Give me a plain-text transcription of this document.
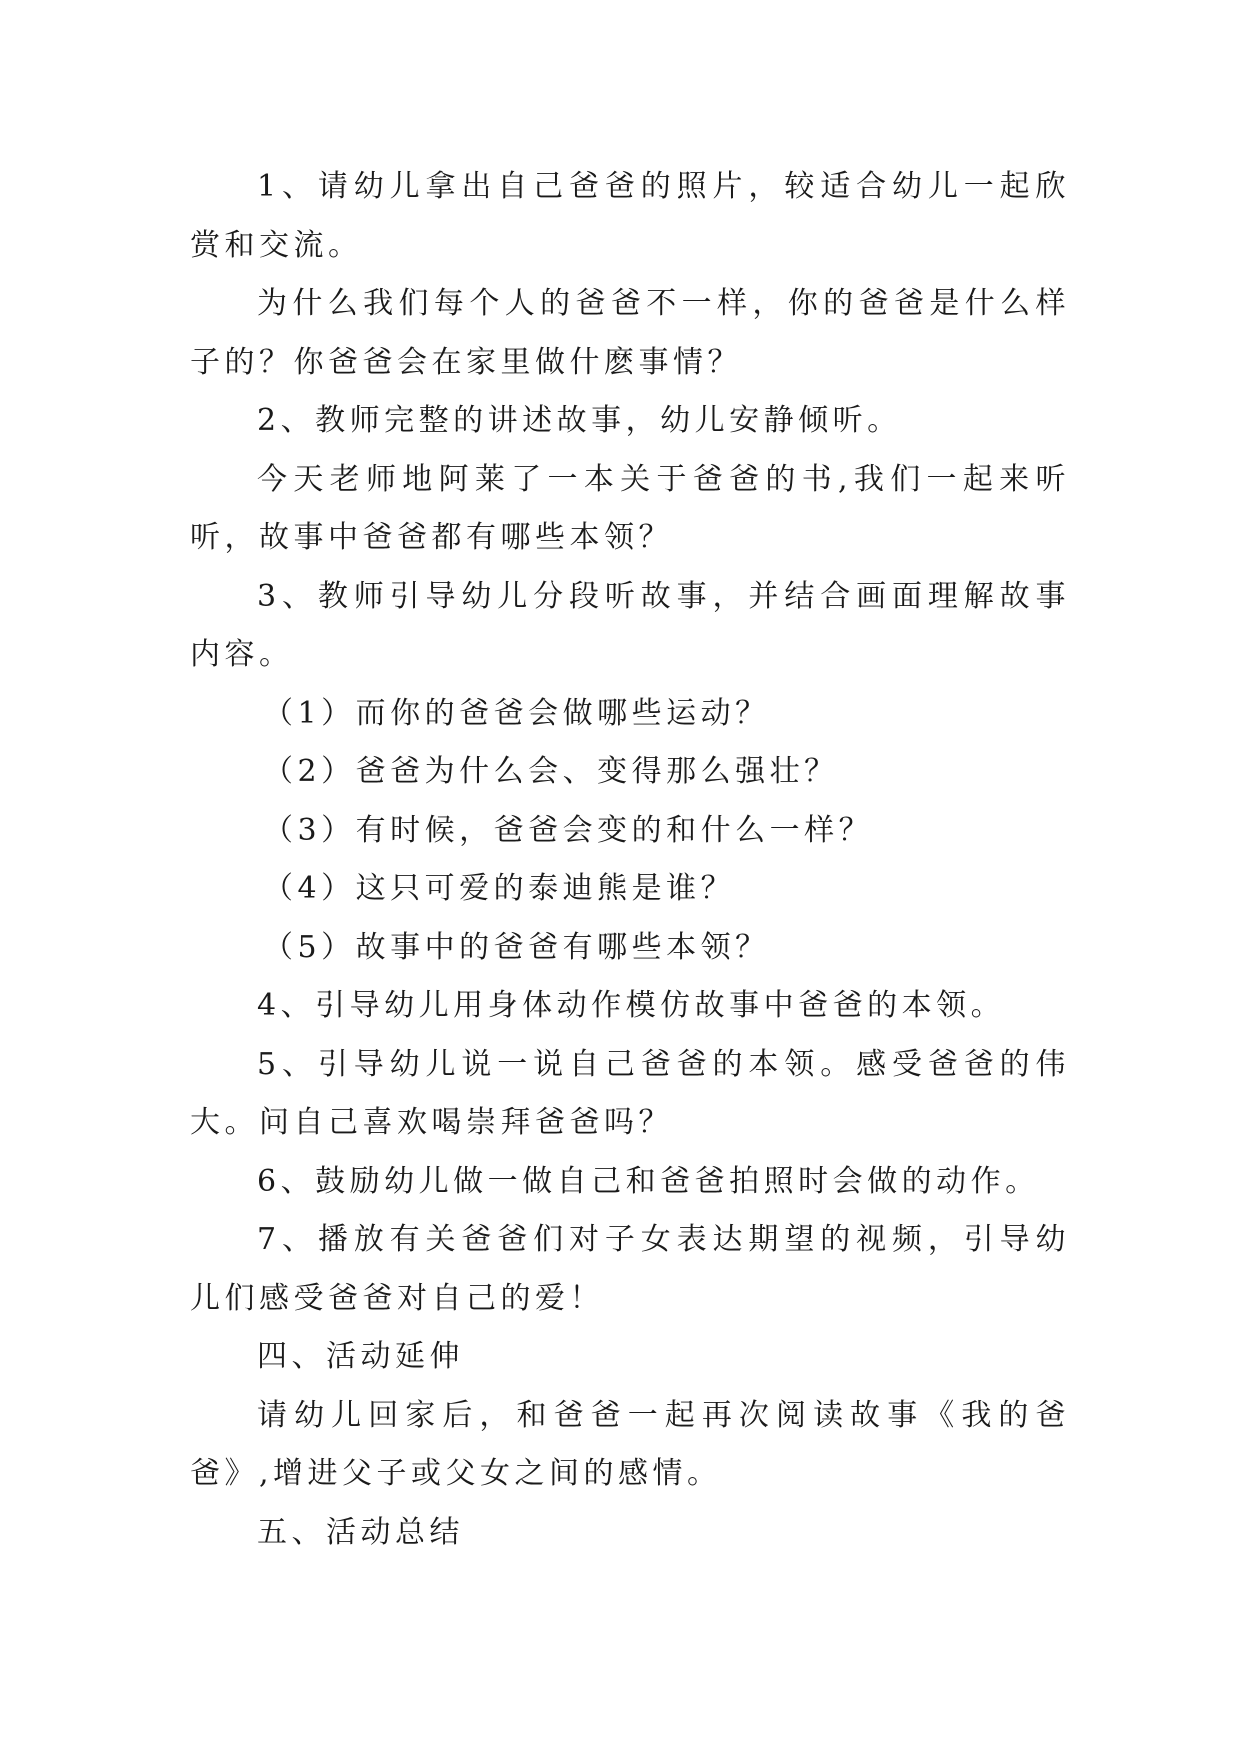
1、请幼儿拿出自己爸爸的照片，较适合幼儿一起欣赏和交流。

为什么我们每个人的爸爸不一样，你的爸爸是什么样子的？你爸爸会在家里做什麽事情？

2、教师完整的讲述故事，幼儿安静倾听。

今天老师地阿莱了一本关于爸爸的书,我们一起来听听，故事中爸爸都有哪些本领？

3、教师引导幼儿分段听故事，并结合画面理解故事内容。

（1）而你的爸爸会做哪些运动？

（2）爸爸为什么会、变得那么强壮？

（3）有时候，爸爸会变的和什么一样？

（4）这只可爱的泰迪熊是谁？

（5）故事中的爸爸有哪些本领？

4、引导幼儿用身体动作模仿故事中爸爸的本领。

5、引导幼儿说一说自己爸爸的本领。感受爸爸的伟大。问自己喜欢喝崇拜爸爸吗？

6、鼓励幼儿做一做自己和爸爸拍照时会做的动作。

7、播放有关爸爸们对子女表达期望的视频，引导幼儿们感受爸爸对自己的爱！

四、活动延伸

请幼儿回家后，和爸爸一起再次阅读故事《我的爸爸》,增进父子或父女之间的感情。

五、活动总结
